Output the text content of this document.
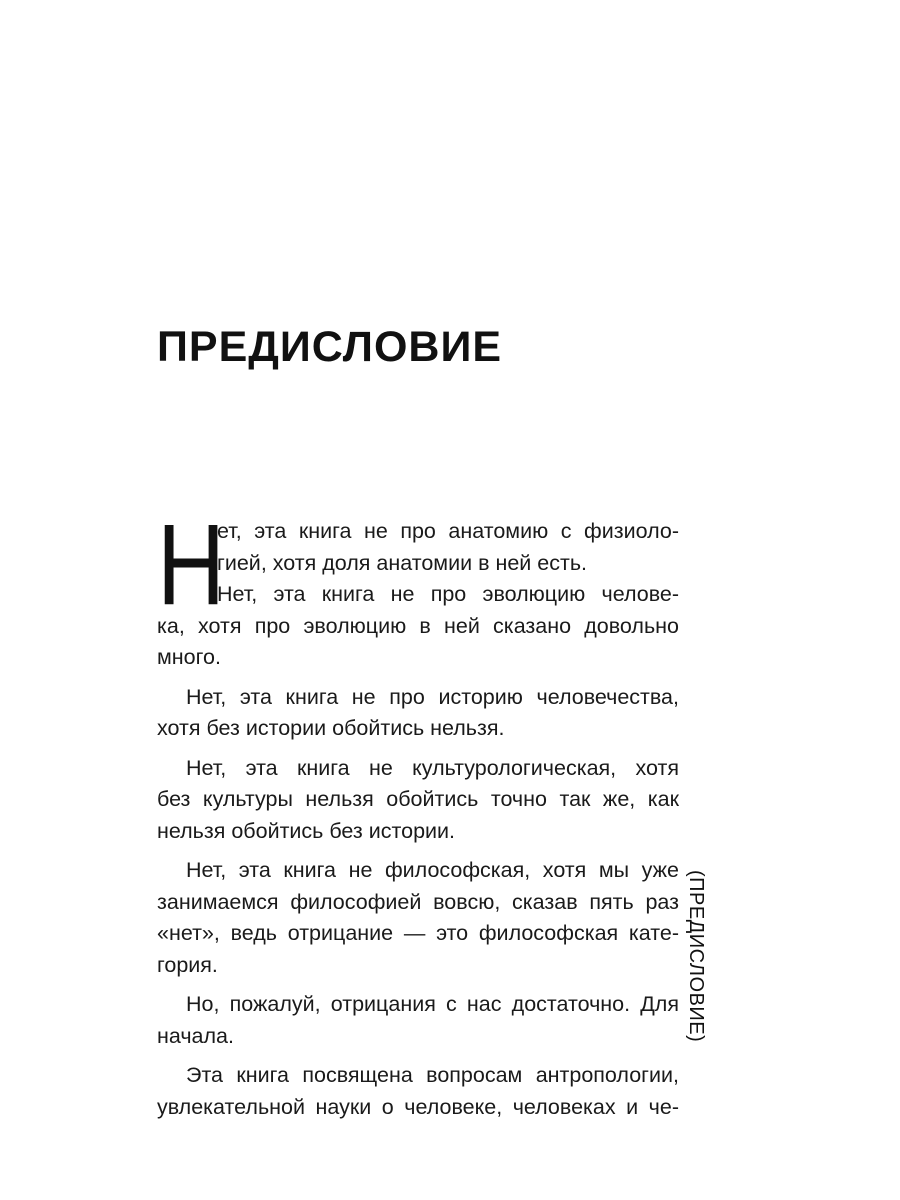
ПРЕДИСЛОВИЕ
Н
ет, эта книга не про анатомию с физиоло-
гией, хотя доля анатомии в ней есть.
Нет, эта книга не про эволюцию челове-
ка, хотя про эволюцию в ней сказано довольно
много.
Нет, эта книга не про историю человечества,
хотя без истории обойтись нельзя.
Нет, эта книга не культурологическая, хотя
без культуры нельзя обойтись точно так же, как
нельзя обойтись без истории.
Нет, эта книга не философская, хотя мы уже
занимаемся философией вовсю, сказав пять раз
«нет», ведь отрицание — это философская кате-
гория.
Но, пожалуй, отрицания с нас достаточно. Для
начала.
Эта книга посвящена вопросам антропологии,
увлекательной науки о человеке, человеках и че-
(ПРЕДИСЛОВИЕ)
